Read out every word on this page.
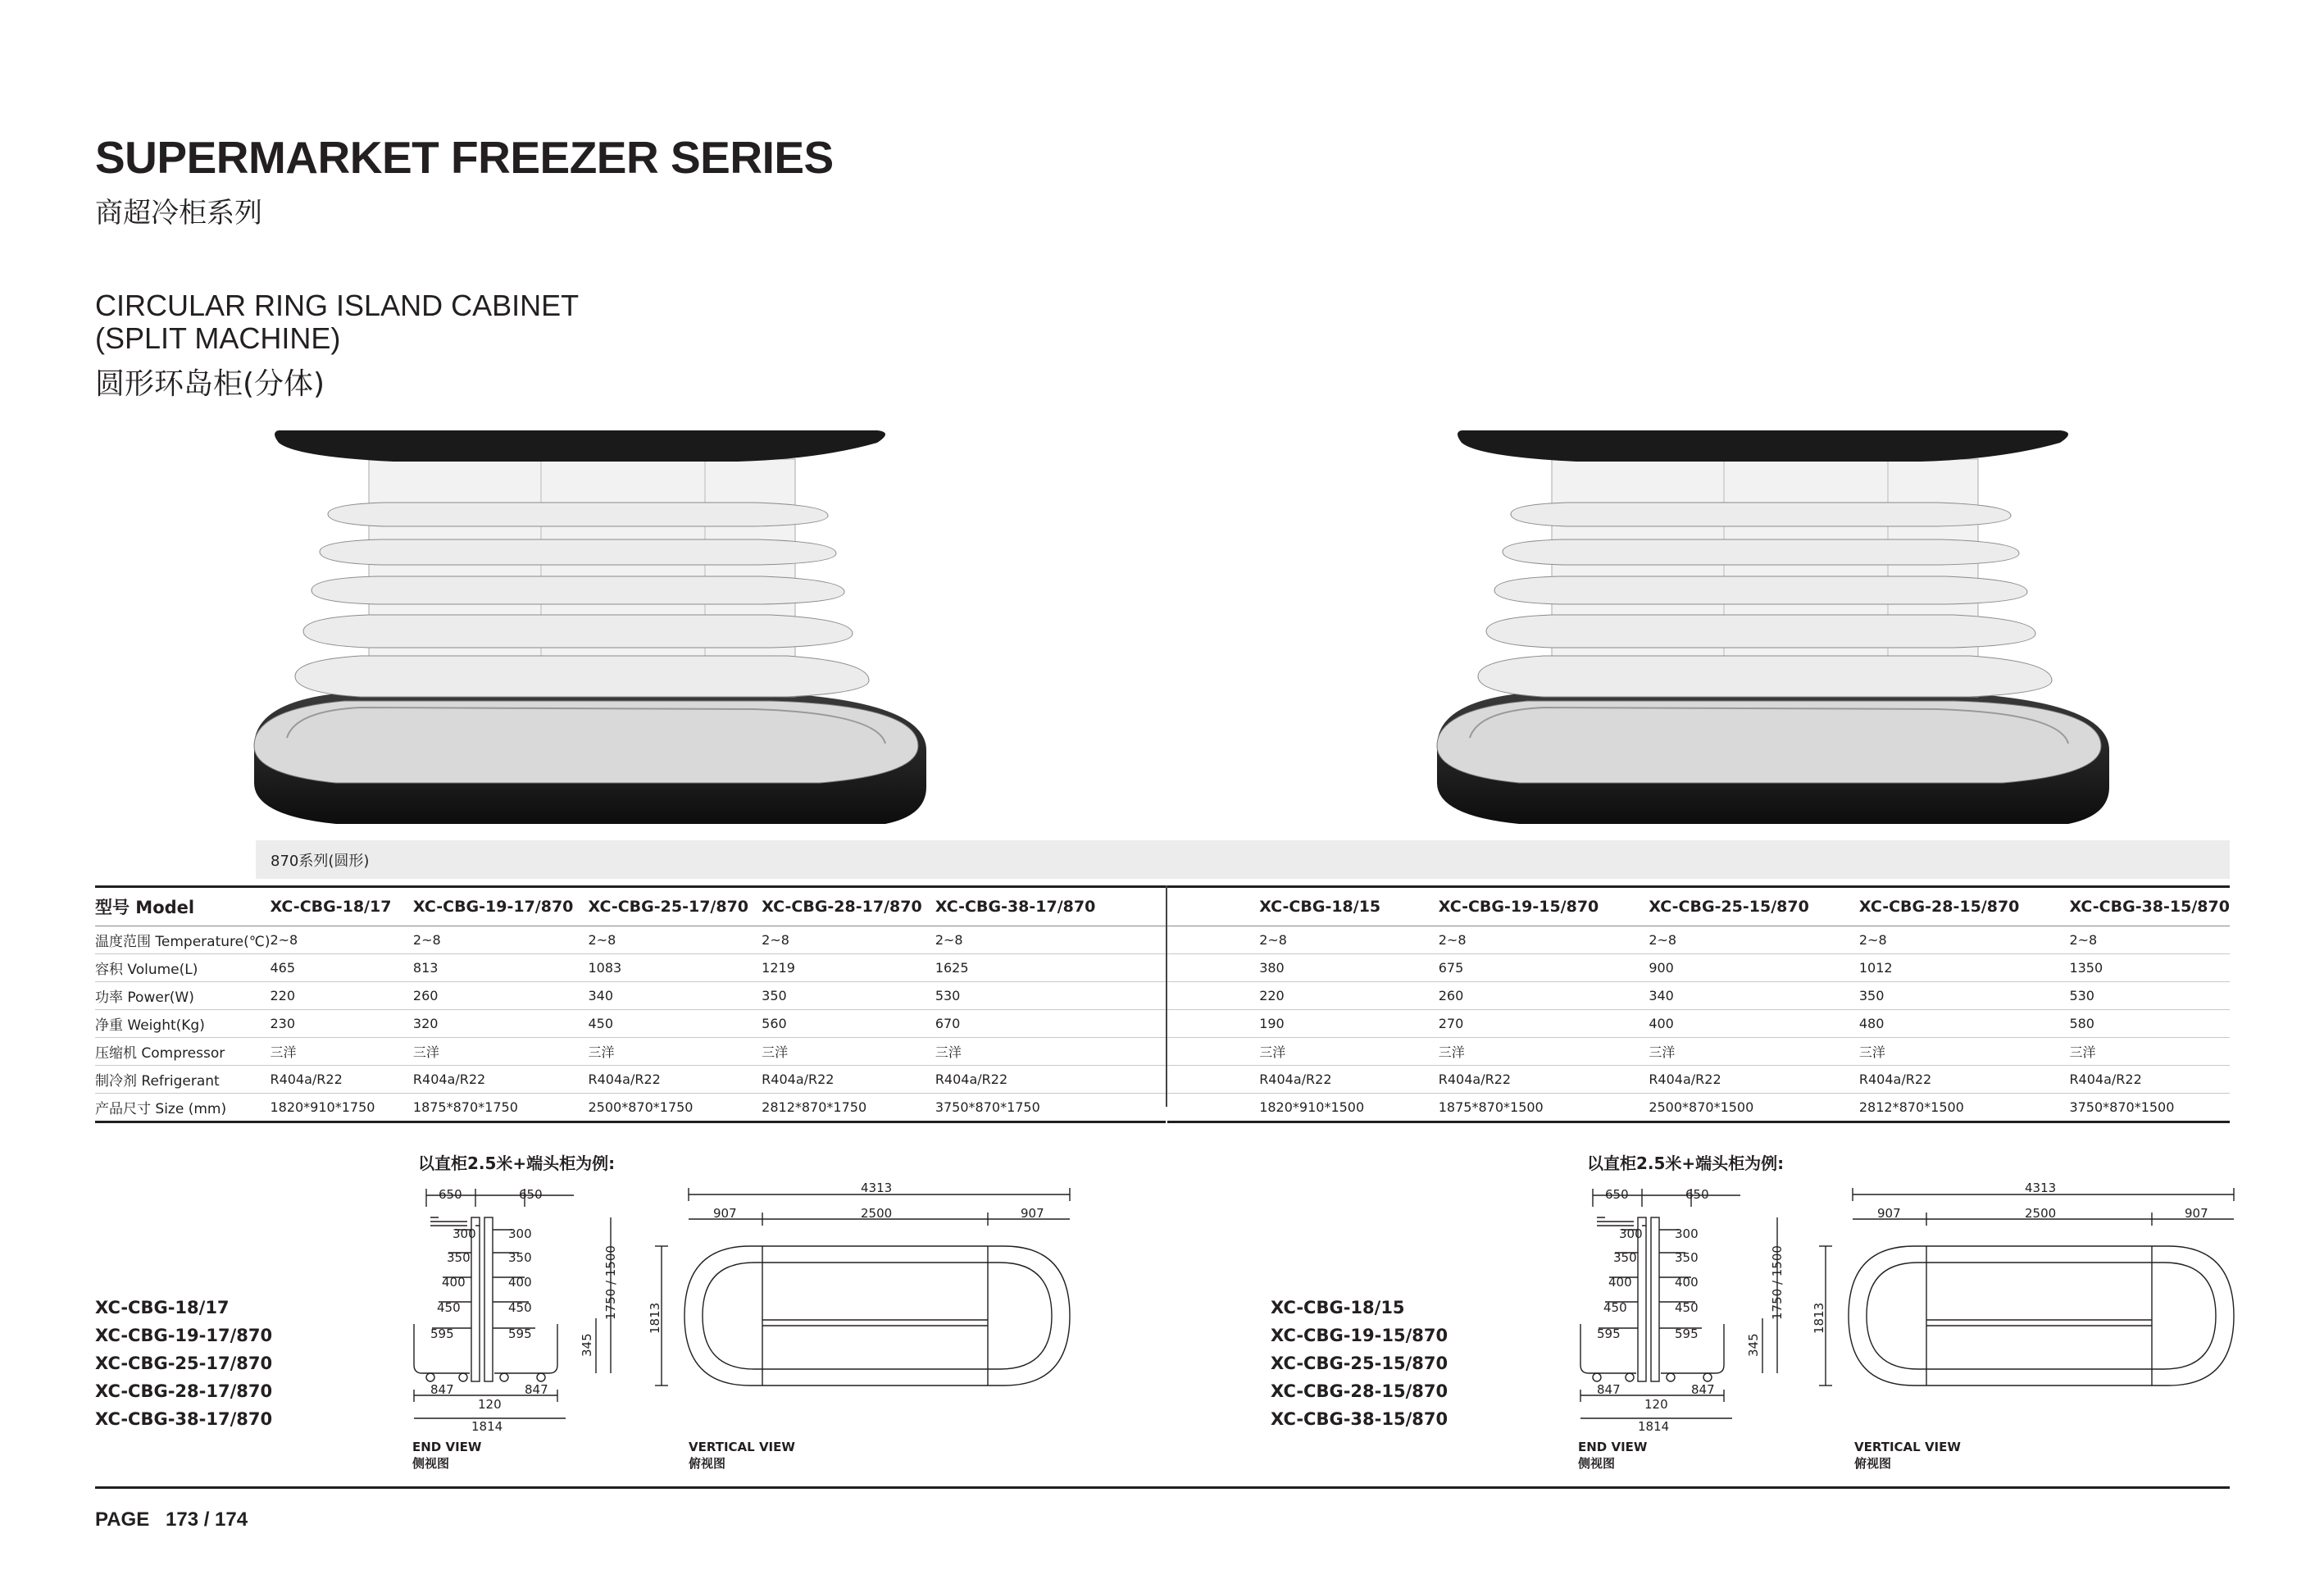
SUPERMARKET FREEZER SERIES
商超冷柜系列
CIRCULAR RING ISLAND CABINET
(SPLIT MACHINE)
圆形环岛柜(分体)
870系列(圆形)
型号 Model	XC-CBG-18/17	XC-CBG-19-17/870	XC-CBG-25-17/870	XC-CBG-28-17/870	XC-CBG-38-17/870
温度范围 Temperature(℃)	2~8	2~8	2~8	2~8	2~8
容积 Volume(L)	465	813	1083	1219	1625
功率 Power(W)	220	260	340	350	530
净重 Weight(Kg)	230	320	450	560	670
压缩机 Compressor	三洋	三洋	三洋	三洋	三洋
制冷剂 Refrigerant	R404a/R22	R404a/R22	R404a/R22	R404a/R22	R404a/R22
产品尺寸 Size (mm)	1820*910*1750	1875*870*1750	2500*870*1750	2812*870*1750	3750*870*1750
	XC-CBG-18/15	XC-CBG-19-15/870	XC-CBG-25-15/870	XC-CBG-28-15/870	XC-CBG-38-15/870
	2~8	2~8	2~8	2~8	2~8
	380	675	900	1012	1350
	220	260	340	350	530
	190	270	400	480	580
	三洋	三洋	三洋	三洋	三洋
	R404a/R22	R404a/R22	R404a/R22	R404a/R22	R404a/R22
	1820*910*1500	1875*870*1500	2500*870*1500	2812*870*1500	3750*870*1500
XC-CBG-18/17
XC-CBG-19-17/870
XC-CBG-25-17/870
XC-CBG-28-17/870
XC-CBG-38-17/870
XC-CBG-18/15
XC-CBG-19-15/870
XC-CBG-25-15/870
XC-CBG-28-15/870
XC-CBG-38-15/870
以直柜2.5米+端头柜为例:
650	650
300	300
350	350
400	400
450	450
595	595
847	847
120
1814
1750 / 1500
345
4313
907	2500	907
1813
END VIEW
侧视图
VERTICAL VIEW
俯视图
以直柜2.5米+端头柜为例:
650	650
300	300
350	350
400	400
450	450
595	595
847	847
120
1814
1750 / 1500
345
4313
907	2500	907
1813
END VIEW
侧视图
VERTICAL VIEW
俯视图
PAGE 173 / 174
